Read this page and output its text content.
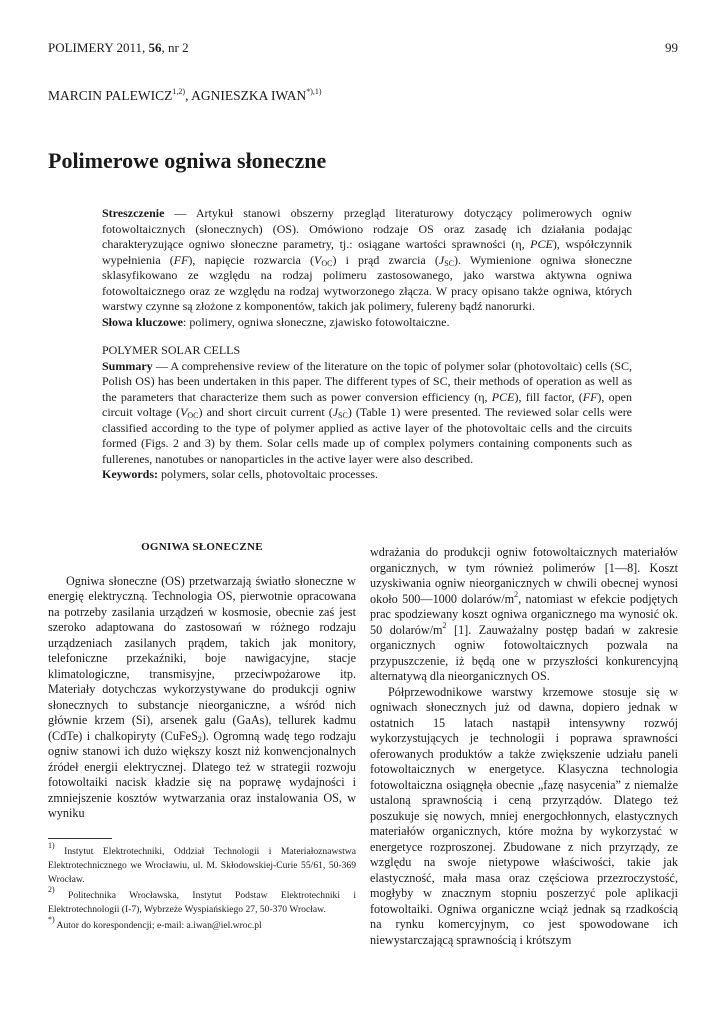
POLIMERY 2011, 56, nr 2	99
MARCIN PALEWICZ$^{1,2)}$, AGNIESZKA $IWAN^{*),1)}$
Polimerowe ogniwa słoneczne

Streszczenie — Artykuł stanowi obszerny przegląd literaturowy dotyczący polimerowych ogniw fotowoltaicznych (słonecznych) (OS). Omówiono rodzaje OS oraz zasadę ich działania podając charakteryzujące ogniwo słoneczne parametry, tj.: osiągane wartości sprawności (η, PCE), współczynnik wypełnienia (FF), napięcie rozwarcia $(V_{OC})$ i prąd zwarcia $(J_{SC})$. Wymienione ogniwa słoneczne sklasyfikowano ze względu na rodzaj polimeru zastosowanego, jako warstwa aktywna ogniwa fotowoltaicznego oraz ze względu na rodzaj wytworzonego złącza. W pracy opisano także ogniwa, których warstwy czynne są złożone z komponentów, takich jak polimery, fulereny bądź nanorurki.

Słowa kluczowe: polimery, ogniwa słoneczne, zjawisko fotowoltaiczne.

POLYMER SOLAR CELLS

Summary — A comprehensive review of the literature on the topic of polymer solar (photovoltaic) cells (SC, Polish OS) has been undertaken in this paper. The different types of SC, their methods of operation as well as the parameters that characterize them such as power conversion efficiency (η, PCE), fill factor, (FF), open circuit voltage $(V_{OC})$ and short circuit current $(J_{SC})$ (Table 1) were presented. The reviewed solar cells were classified according to the type of polymer applied as active layer of the photovoltaic cells and the circuits formed (Figs. 2 and 3) by them. Solar cells made up of complex polymers containing components such as fullerenes, nanotubes or nanoparticles in the active layer were also described.

Keywords: polymers, solar cells, photovoltaic processes.

OGNIWA SŁONECZNE

Ogniwa słoneczne (OS) przetwarzają światło słoneczne w energię elektryczną. Technologia OS, pierwotnie opracowana na potrzeby zasilania urządzeń w kosmosie, obecnie zaś jest szeroko adaptowana do zastosowań w różnego rodzaju urządzeniach zasilanych prądem, takich jak monitory, telefoniczne przekaźniki, boje nawigacyjne, stacje klimatologiczne, transmisyjne, przeciwpożarowe itp. Materiały dotychczas wykorzystywane do produkcji ogniw słonecznych to substancje nieorganiczne, a wśród nich głównie krzem (Si), arsenek galu (GaAs), tellurek kadmu (CdTe) i chalkopiryty (CuFeS$_2$). Ogromną wadę tego rodzaju ogniw stanowi ich dużo większy koszt niż konwencjonalnych źródeł energii elektrycznej. Dlatego też w strategii rozwoju fotowoltaiki nacisk kładzie się na poprawę wydajności i zmniejszenie kosztów wytwarzania oraz instalowania OS, w wyniku

$^{1)}$ Instytut Elektrotechniki, Oddział Technologii i Materiałoznawstwa Elektrotechnicznego we Wrocławiu, ul. M. Skłodowskiej-Curie 55/61, 50-369 Wrocław.

$^{2)}$ Politechnika Wrocławska, Instytut Podstaw Elektrotechniki i Elektrotechnologii (I-7), Wybrzeże Wyspiańskiego 27, 50-370 Wrocław.

*) Autor do korespondencji; e-mail: a.iwan@iel.wroc.pl

wdrażania do produkcji ogniw fotowoltaicznych materiałów organicznych, w tym również polimerów [1—8]. Koszt uzyskiwania ogniw nieorganicznych w chwili obecnej wynosi około 500—1000 dolarów/$m^2$, natomiast w efekcie podjętych prac spodziewany koszt ogniwa organicznego ma wynosić ok. 50 dolarów/$m^2$ [1]. Zauważalny postęp badań w zakresie organicznych ogniw fotowoltaicznych pozwala na przypuszczenie, iż będą one w przyszłości konkurencyjną alternatywą dla nieorganicznych OS.

Półprzewodnikowe warstwy krzemowe stosuje się w ogniwach słonecznych już od dawna, dopiero jednak w ostatnich 15 latach nastąpił intensywny rozwój wykorzystujących je technologii i poprawa sprawności oferowanych produktów a także zwiększenie udziału paneli fotowoltaicznych w energetyce. Klasyczna technologia fotowoltaiczna osiągnęła obecnie „fazę nasycenia” z niemalże ustaloną sprawnością i ceną przyrządów. Dlatego też poszukuje się nowych, mniej energochłonnych, elastycznych materiałów organicznych, które można by wykorzystać w energetyce rozproszonej. Zbudowane z nich przyrządy, ze względu na swoje nietypowe właściwości, takie jak elastyczność, mała masa oraz częściowa przezroczystość, mogłyby w znacznym stopniu poszerzyć pole aplikacji fotowoltaiki. Ogniwa organiczne wciąż jednak są rzadkością na rynku komercyjnym, co jest spowodowane ich niewystarczającą sprawnością i krótszym
